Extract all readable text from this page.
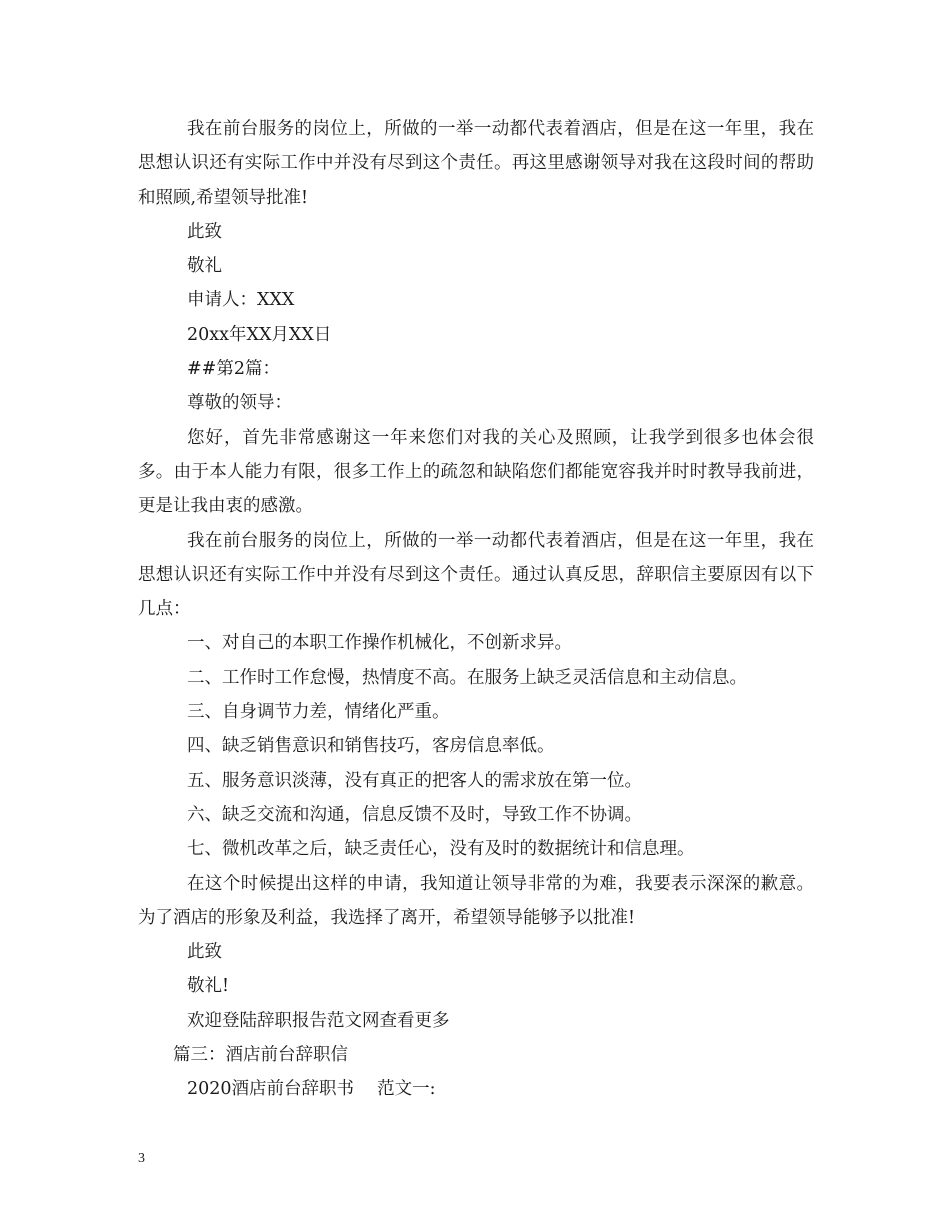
我在前台服务的岗位上，所做的一举一动都代表着酒店，但是在这一年里，我在思想认识还有实际工作中并没有尽到这个责任。再这里感谢领导对我在这段时间的帮助和照顾,希望领导批准!

此致

敬礼

申请人：XXX

20xx年XX月XX日

##第2篇：

尊敬的领导：

您好，首先非常感谢这一年来您们对我的关心及照顾，让我学到很多也体会很多。由于本人能力有限，很多工作上的疏忽和缺陷您们都能宽容我并时时教导我前进，更是让我由衷的感激。

我在前台服务的岗位上，所做的一举一动都代表着酒店，但是在这一年里，我在思想认识还有实际工作中并没有尽到这个责任。通过认真反思，辞职信主要原因有以下几点：

一、对自己的本职工作操作机械化，不创新求异。

二、工作时工作怠慢，热情度不高。在服务上缺乏灵活信息和主动信息。

三、自身调节力差，情绪化严重。

四、缺乏销售意识和销售技巧，客房信息率低。

五、服务意识淡薄，没有真正的把客人的需求放在第一位。

六、缺乏交流和沟通，信息反馈不及时，导致工作不协调。

七、微机改革之后，缺乏责任心，没有及时的数据统计和信息理。

在这个时候提出这样的申请，我知道让领导非常的为难，我要表示深深的歉意。为了酒店的形象及利益，我选择了离开，希望领导能够予以批准!

此致

敬礼!

欢迎登陆辞职报告范文网查看更多

篇三：酒店前台辞职信

2020酒店前台辞职书　 范文一:

3
